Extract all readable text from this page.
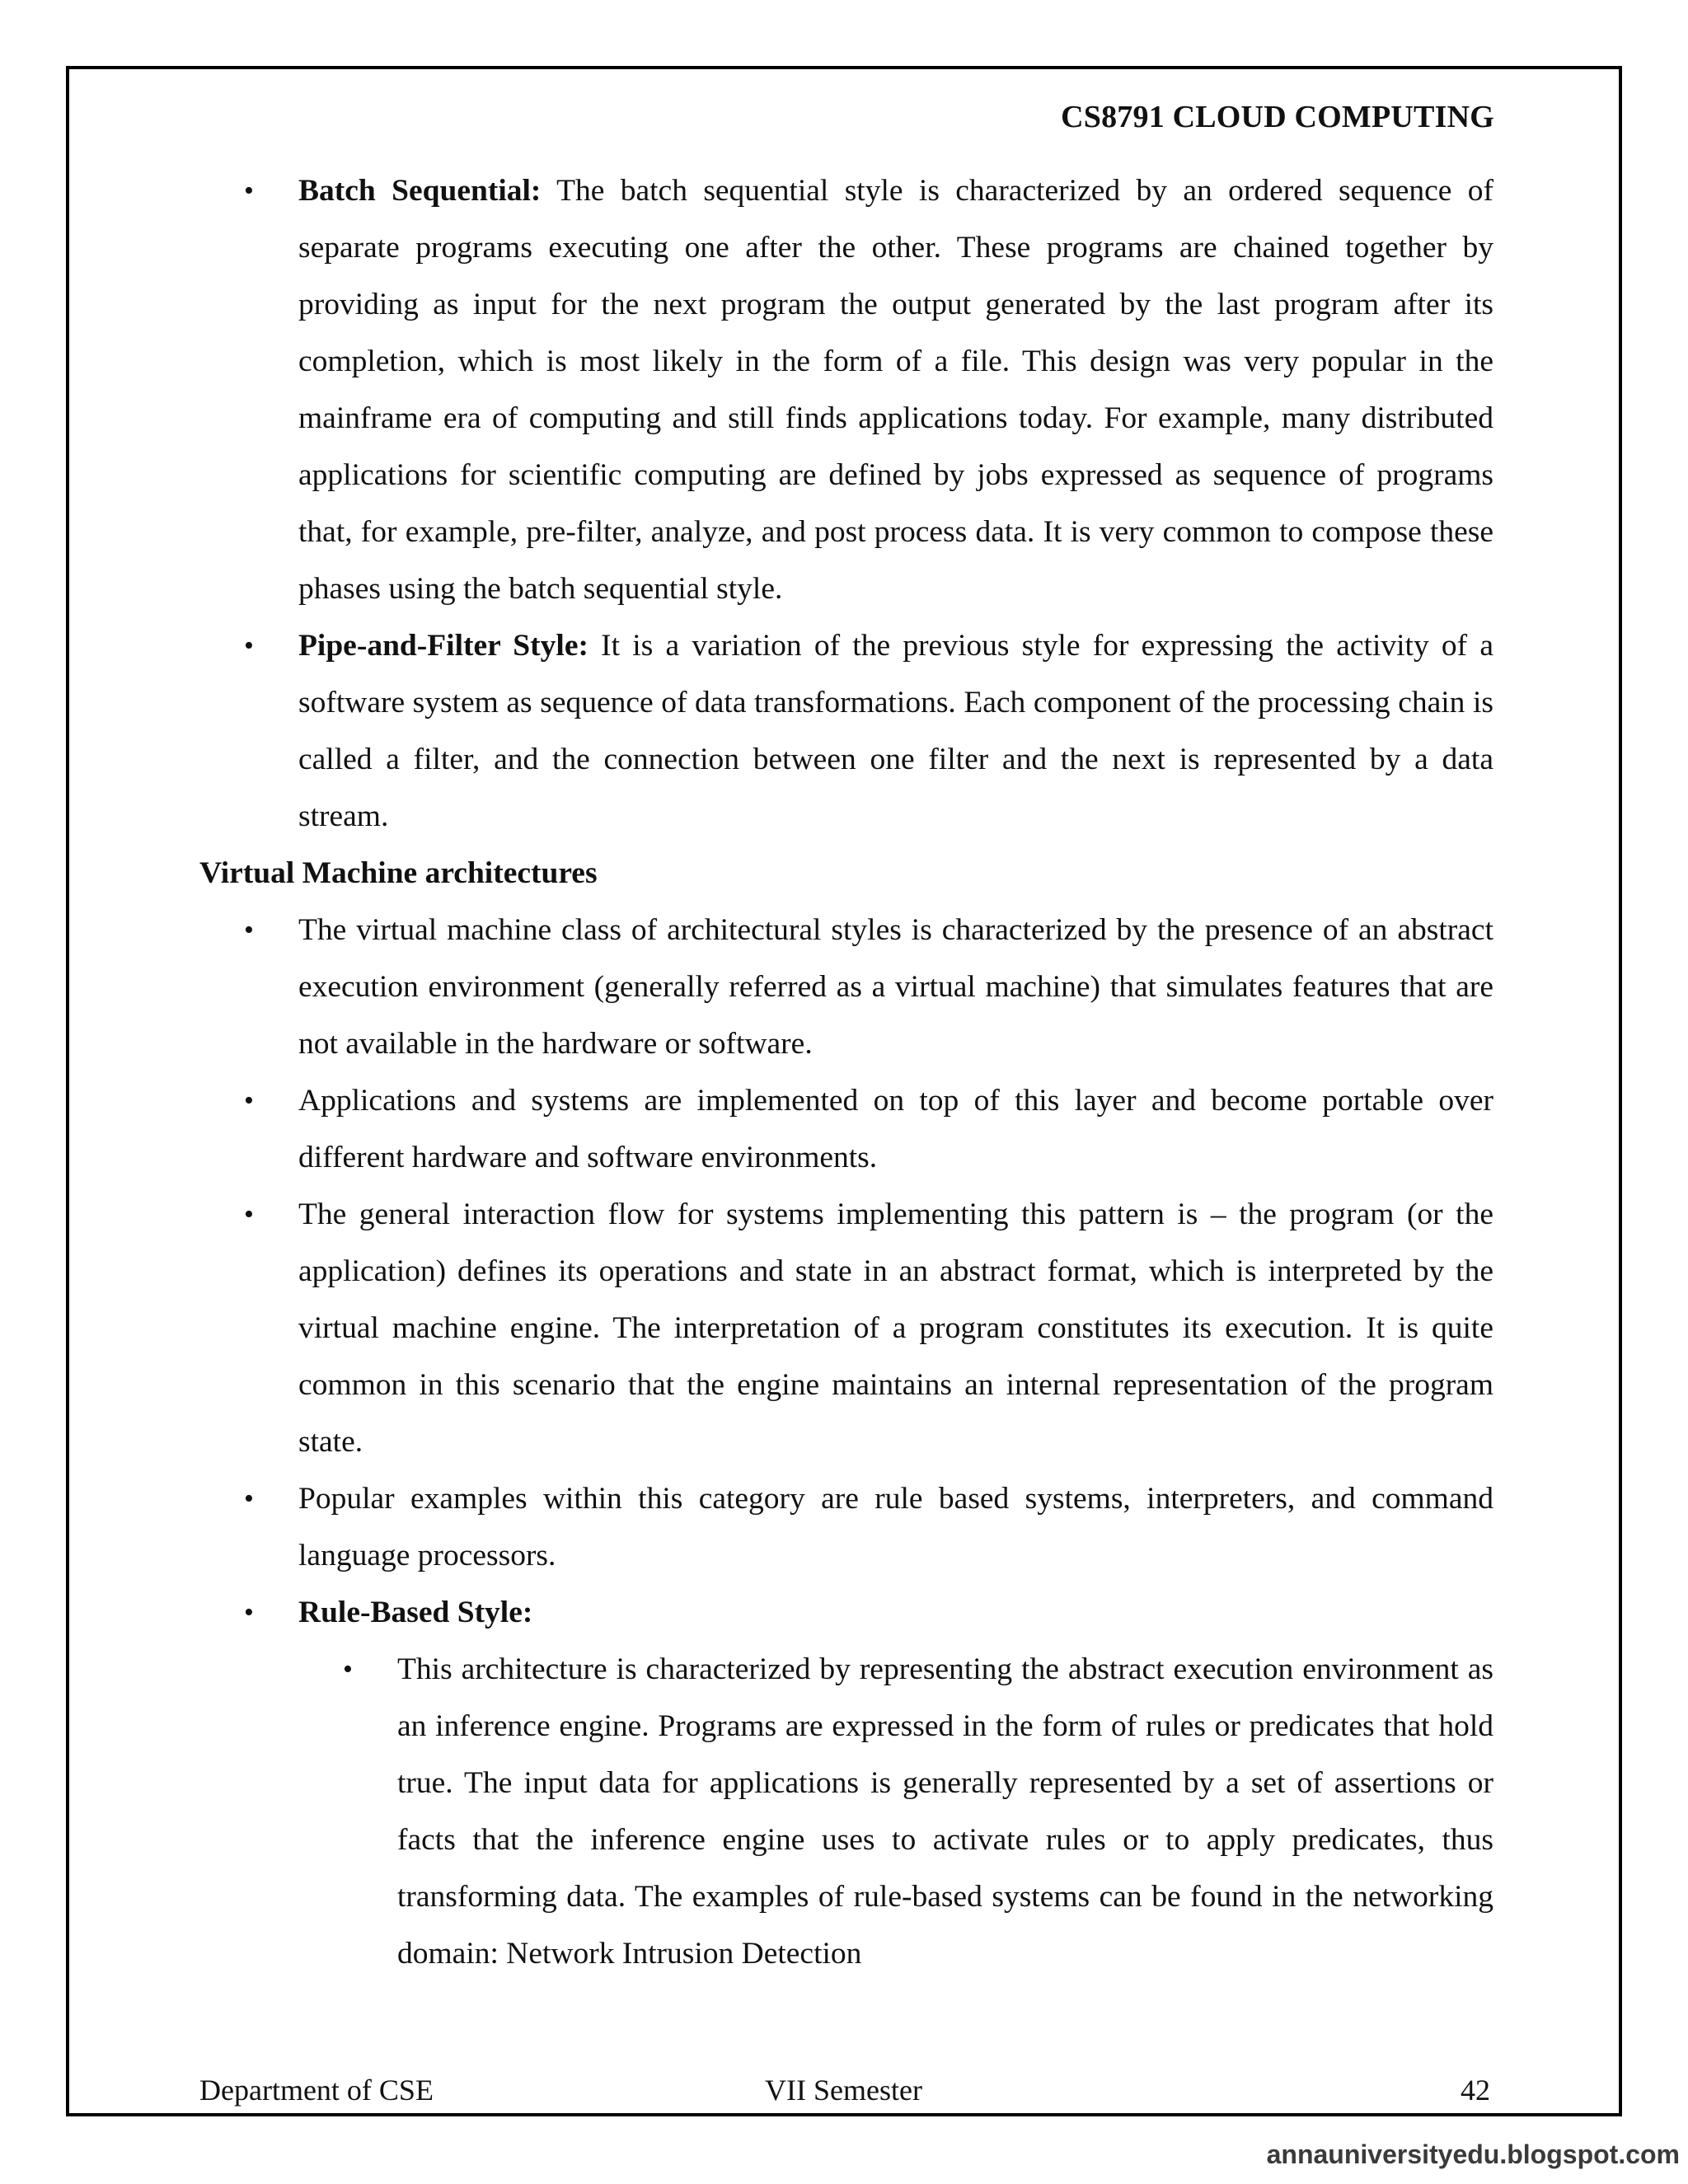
CS8791 CLOUD COMPUTING
• Batch Sequential: The batch sequential style is characterized by an ordered sequence of separate programs executing one after the other. These programs are chained together by providing as input for the next program the output generated by the last program after its completion, which is most likely in the form of a file. This design was very popular in the mainframe era of computing and still finds applications today. For example, many distributed applications for scientific computing are defined by jobs expressed as sequence of programs that, for example, pre-filter, analyze, and post process data. It is very common to compose these phases using the batch sequential style.
• Pipe-and-Filter Style: It is a variation of the previous style for expressing the activity of a software system as sequence of data transformations. Each component of the processing chain is called a filter, and the connection between one filter and the next is represented by a data stream.
Virtual Machine architectures
• The virtual machine class of architectural styles is characterized by the presence of an abstract execution environment (generally referred as a virtual machine) that simulates features that are not available in the hardware or software.
• Applications and systems are implemented on top of this layer and become portable over different hardware and software environments.
• The general interaction flow for systems implementing this pattern is – the program (or the application) defines its operations and state in an abstract format, which is interpreted by the virtual machine engine. The interpretation of a program constitutes its execution. It is quite common in this scenario that the engine maintains an internal representation of the program state.
• Popular examples within this category are rule based systems, interpreters, and command language processors.
• Rule-Based Style:
• This architecture is characterized by representing the abstract execution environment as an inference engine. Programs are expressed in the form of rules or predicates that hold true. The input data for applications is generally represented by a set of assertions or facts that the inference engine uses to activate rules or to apply predicates, thus transforming data. The examples of rule-based systems can be found in the networking domain: Network Intrusion Detection
Department of CSE	VII Semester	42
annauniversityedu.blogspot.com
